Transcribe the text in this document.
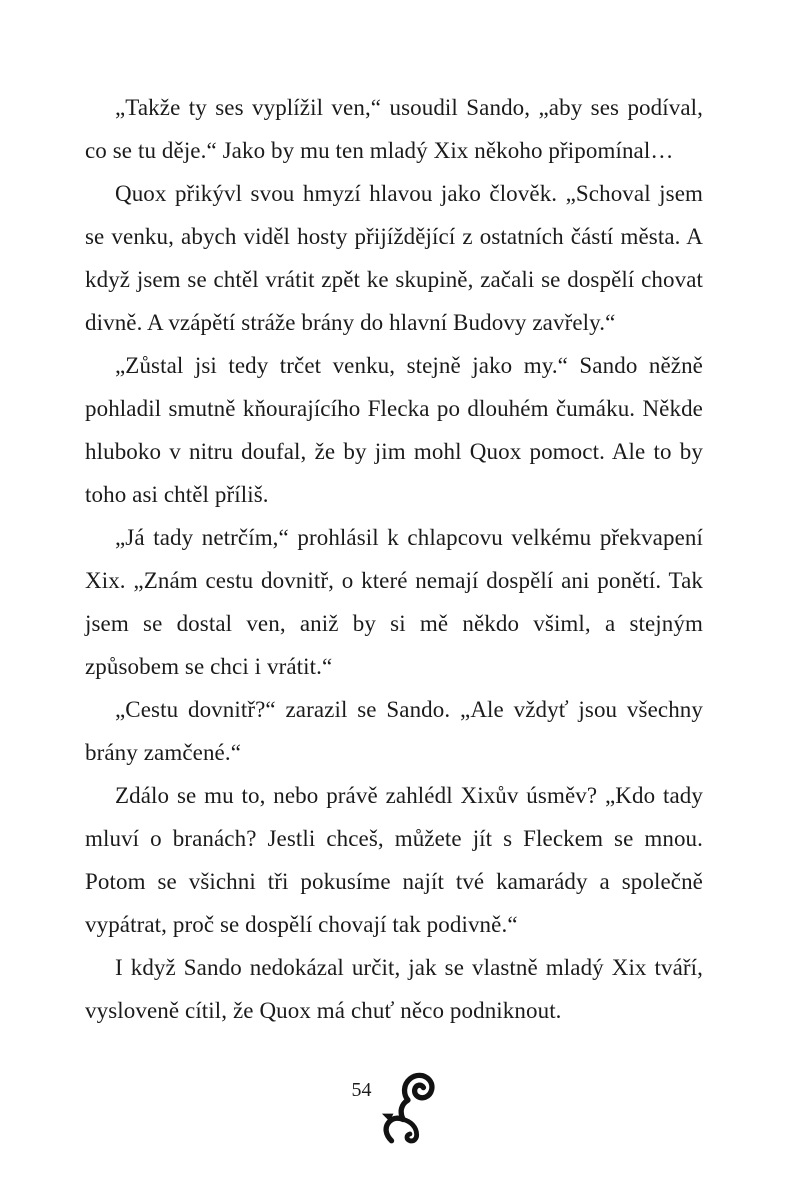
„Takže ty ses vyplížil ven,“ usoudil Sando, „aby ses podíval, co se tu děje.“ Jako by mu ten mladý Xix někoho připomínal…

Quox přikývl svou hmyzí hlavou jako člověk. „Schoval jsem se venku, abych viděl hosty přijíždějící z ostatních částí města. A když jsem se chtěl vrátit zpět ke skupině, začali se dospělí chovat divně. A vzápětí stráže brány do hlavní Budovy zavřely.“

„Zůstal jsi tedy trčet venku, stejně jako my.“ Sando něžně pohladil smutně kňourajícího Flecka po dlouhém čumáku. Někde hluboko v nitru doufal, že by jim mohl Quox pomoct. Ale to by toho asi chtěl příliš.

„Já tady netrčím,“ prohlásil k chlapcovu velkému překvapení Xix. „Znám cestu dovnitř, o které nemají dospělí ani ponětí. Tak jsem se dostal ven, aniž by si mě někdo všiml, a stejným způsobem se chci i vrátit.“

„Cestu dovnitř?“ zarazil se Sando. „Ale vždyť jsou všechny brány zamčené.“

Zdálo se mu to, nebo právě zahlédl Xixův úsměv? „Kdo tady mluví o branách? Jestli chceš, můžete jít s Fleckem se mnou. Potom se všichni tři pokusíme najít tvé kamarády a společně vypátrat, proč se dospělí chovají tak podivně.“

I když Sando nedokázal určit, jak se vlastně mladý Xix tváří, vysloveně cítil, že Quox má chuť něco podniknout.

54
